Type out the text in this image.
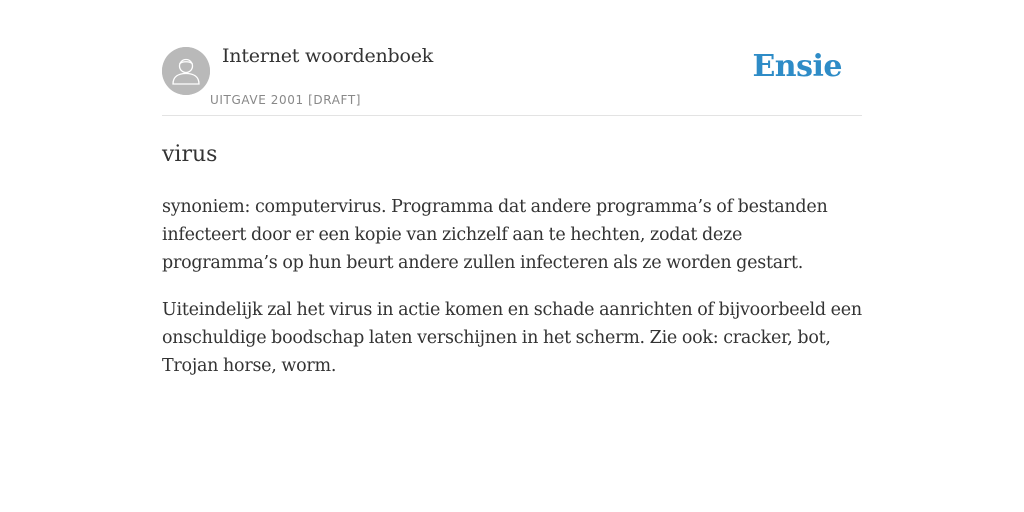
Internet woordenboek
UITGAVE 2001 [DRAFT]
Ensie
virus

synoniem: computervirus. Programma dat andere programma’s of bestanden infecteert door er een kopie van zichzelf aan te hechten, zodat deze programma’s op hun beurt andere zullen infecteren als ze worden gestart.

Uiteindelijk zal het virus in actie komen en schade aanrichten of bijvoorbeeld een onschuldige boodschap laten verschijnen in het scherm. Zie ook: cracker, bot, Trojan horse, worm.
